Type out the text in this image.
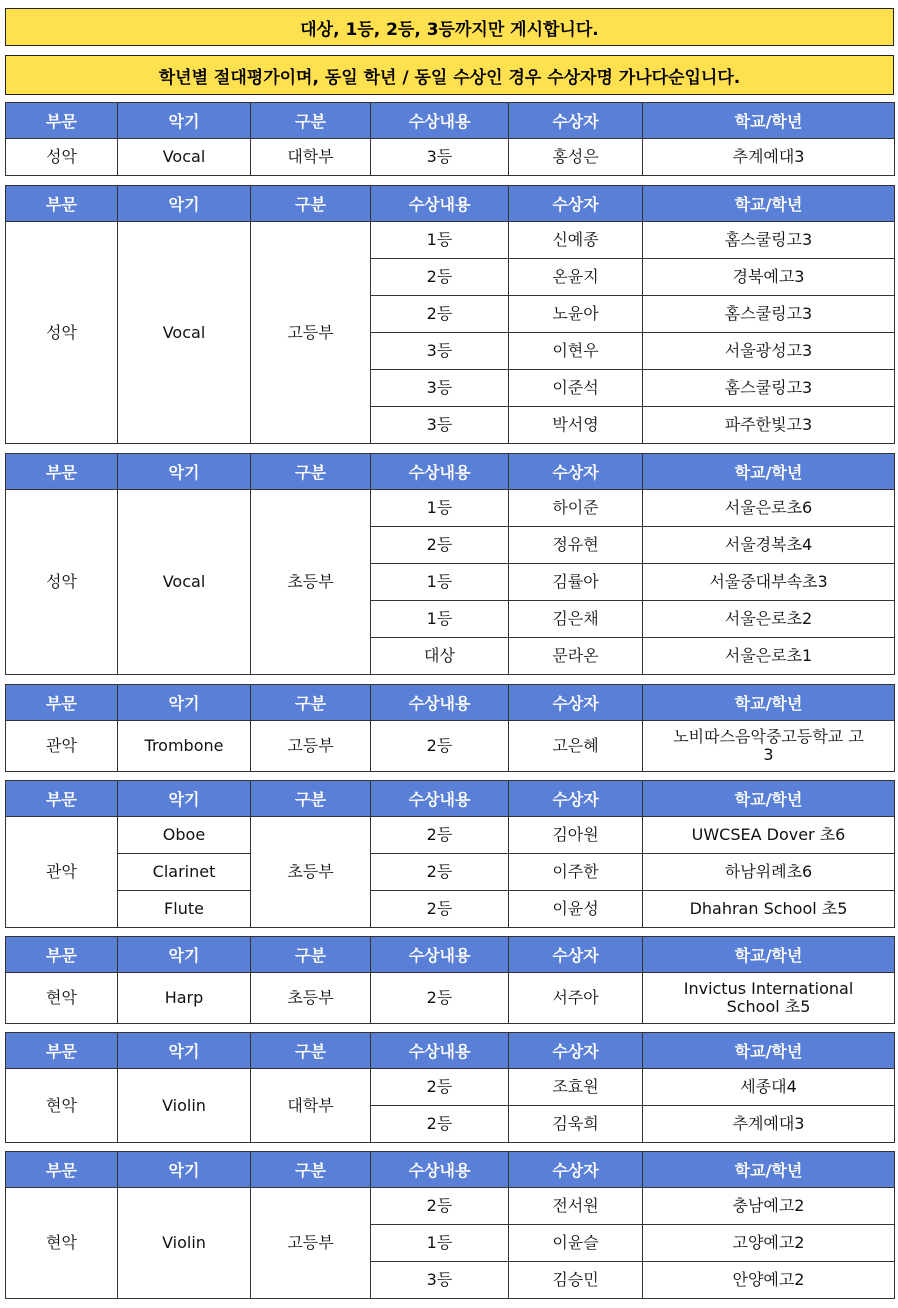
대상, 1등, 2등, 3등까지만 게시합니다.
학년별 절대평가이며, 동일 학년 / 동일 수상인 경우 수상자명 가나다순입니다.
부문	악기	구분	수상내용	수상자	학교/학년
성악	Vocal	대학부	3등	홍성은	추계예대3
부문	악기	구분	수상내용	수상자	학교/학년
성악	Vocal	고등부	1등	신예종	홈스쿨링고3
			2등	온윤지	경북예고3
			2등	노윤아	홈스쿨링고3
			3등	이현우	서울광성고3
			3등	이준석	홈스쿨링고3
			3등	박서영	파주한빛고3
부문	악기	구분	수상내용	수상자	학교/학년
성악	Vocal	초등부	1등	하이준	서울은로초6
			2등	정유현	서울경복초4
			1등	김률아	서울중대부속초3
			1등	김은채	서울은로초2
			대상	문라온	서울은로초1
부문	악기	구분	수상내용	수상자	학교/학년
관악	Trombone	고등부	2등	고은혜	노비따스음악중고등학교 고3
부문	악기	구분	수상내용	수상자	학교/학년
관악	Oboe	초등부	2등	김아원	UWCSEA Dover 초6
	Clarinet		2등	이주한	하남위례초6
	Flute		2등	이윤성	Dhahran School 초5
부문	악기	구분	수상내용	수상자	학교/학년
현악	Harp	초등부	2등	서주아	Invictus International School 초5
부문	악기	구분	수상내용	수상자	학교/학년
현악	Violin	대학부	2등	조효원	세종대4
			2등	김욱희	추계예대3
부문	악기	구분	수상내용	수상자	학교/학년
현악	Violin	고등부	2등	전서원	충남예고2
			1등	이윤슬	고양예고2
			3등	김승민	안양예고2
